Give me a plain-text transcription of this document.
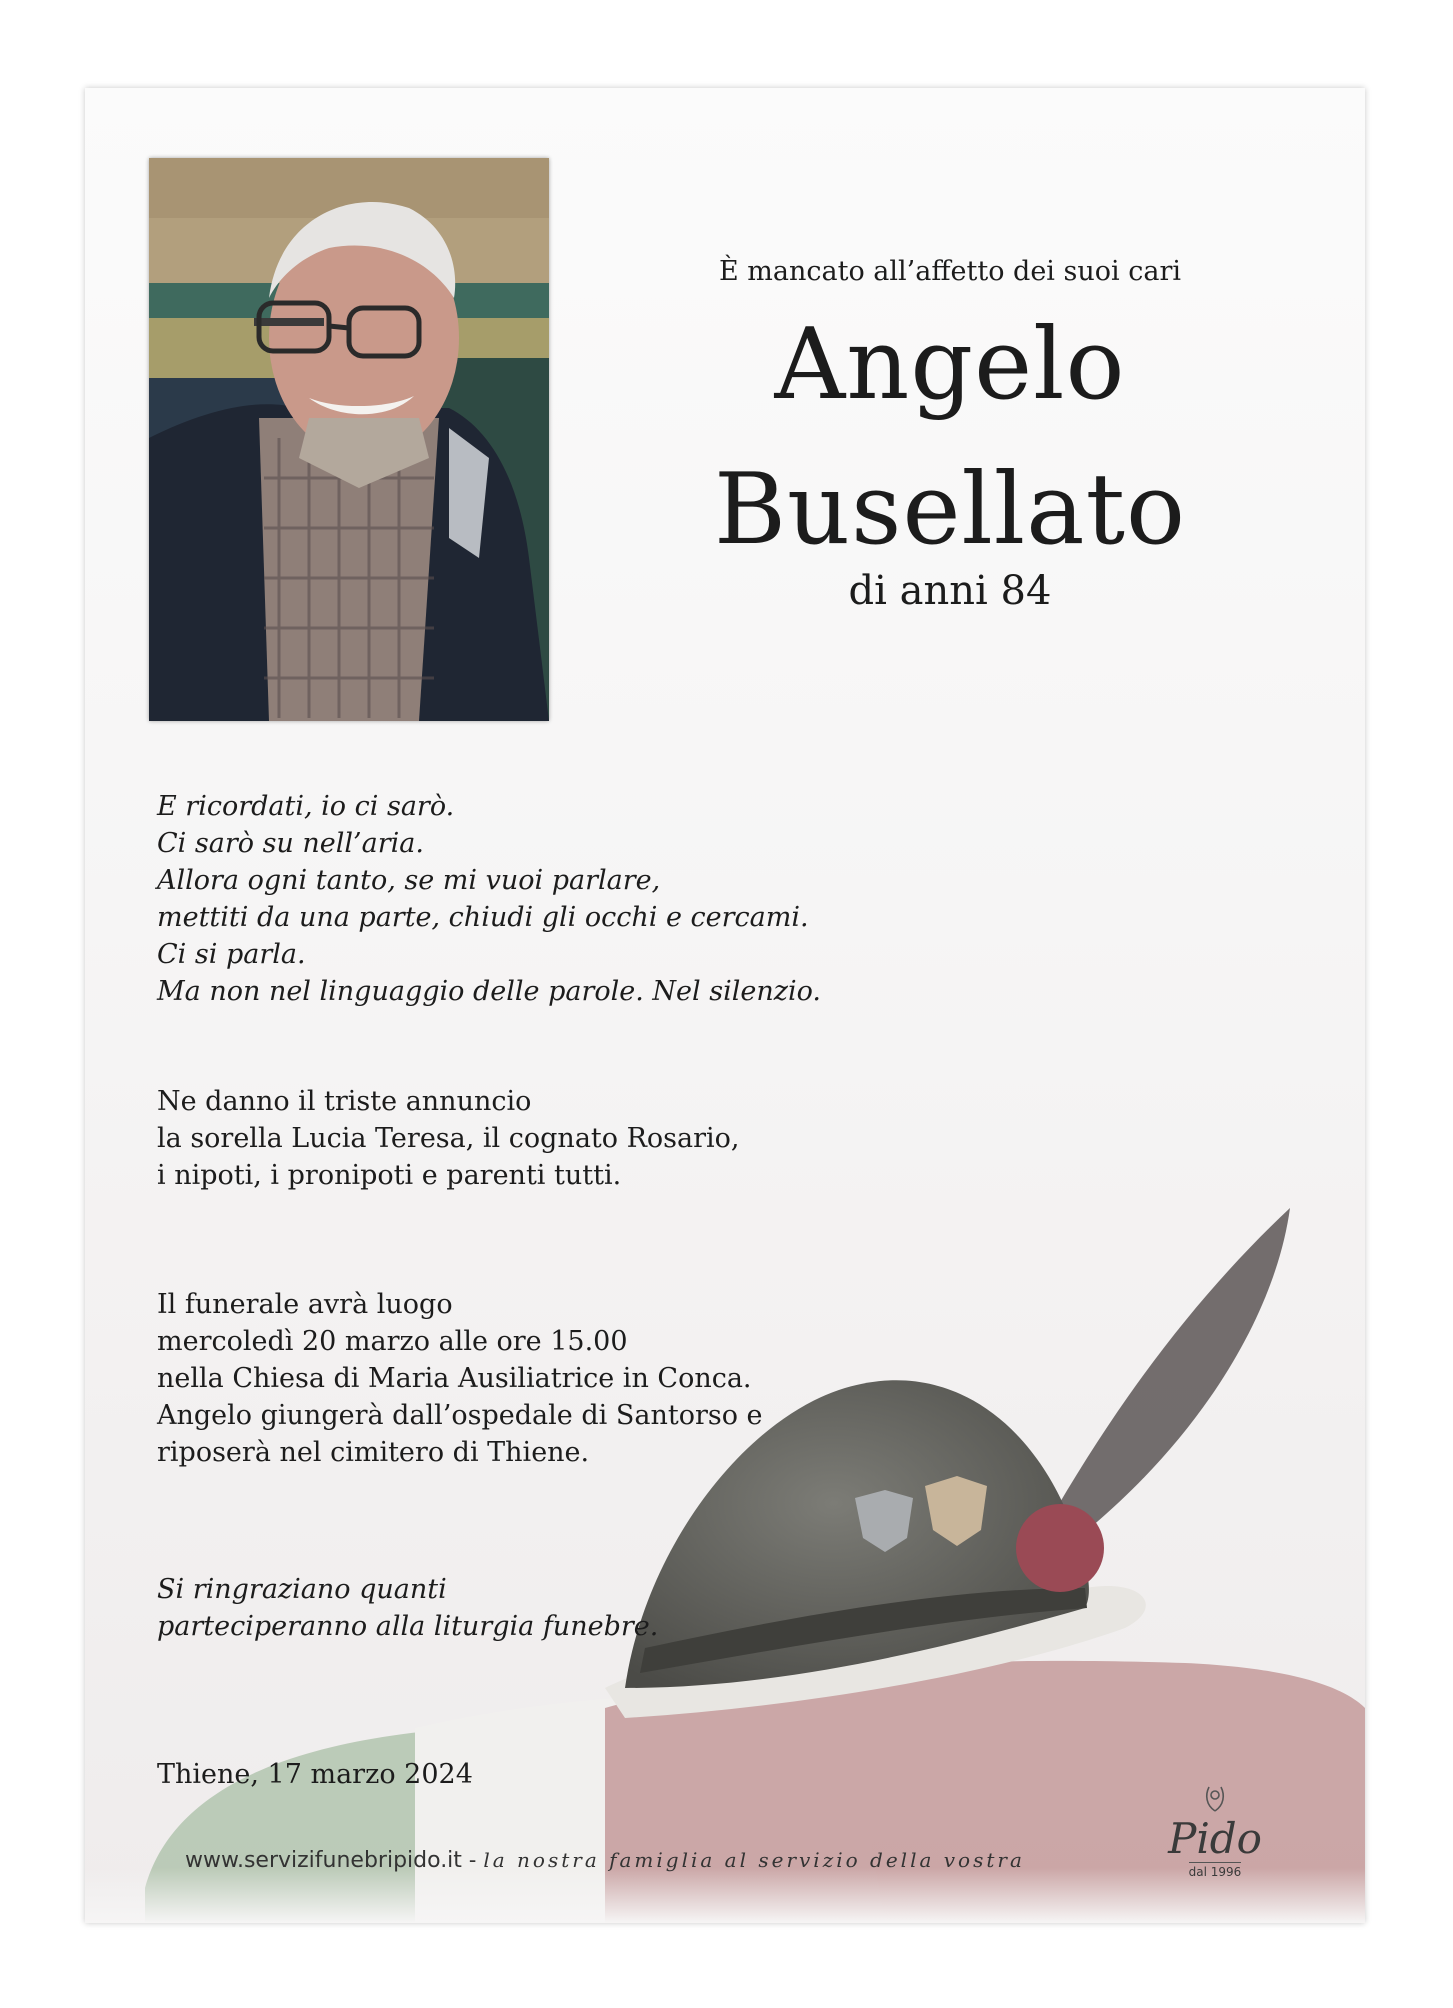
È mancato all’affetto dei suoi cari
Angelo
Busellato
di anni 84
E ricordati, io ci sarò.
Ci sarò su nell’aria.
Allora ogni tanto, se mi vuoi parlare,
mettiti da una parte, chiudi gli occhi e cercami.
Ci si parla.
Ma non nel linguaggio delle parole. Nel silenzio.
Ne danno il triste annuncio
la sorella Lucia Teresa, il cognato Rosario,
i nipoti, i pronipoti e parenti tutti.
Il funerale avrà luogo
mercoledì 20 marzo alle ore 15.00
nella Chiesa di Maria Ausiliatrice in Conca.
Angelo giungerà dall’ospedale di Santorso e
riposerà nel cimitero di Thiene.
Si ringraziano quanti
parteciperanno alla liturgia funebre.
Thiene, 17 marzo 2024
www.servizifunebripido.it - la nostra famiglia al servizio della vostra	Pido
dal 1996
